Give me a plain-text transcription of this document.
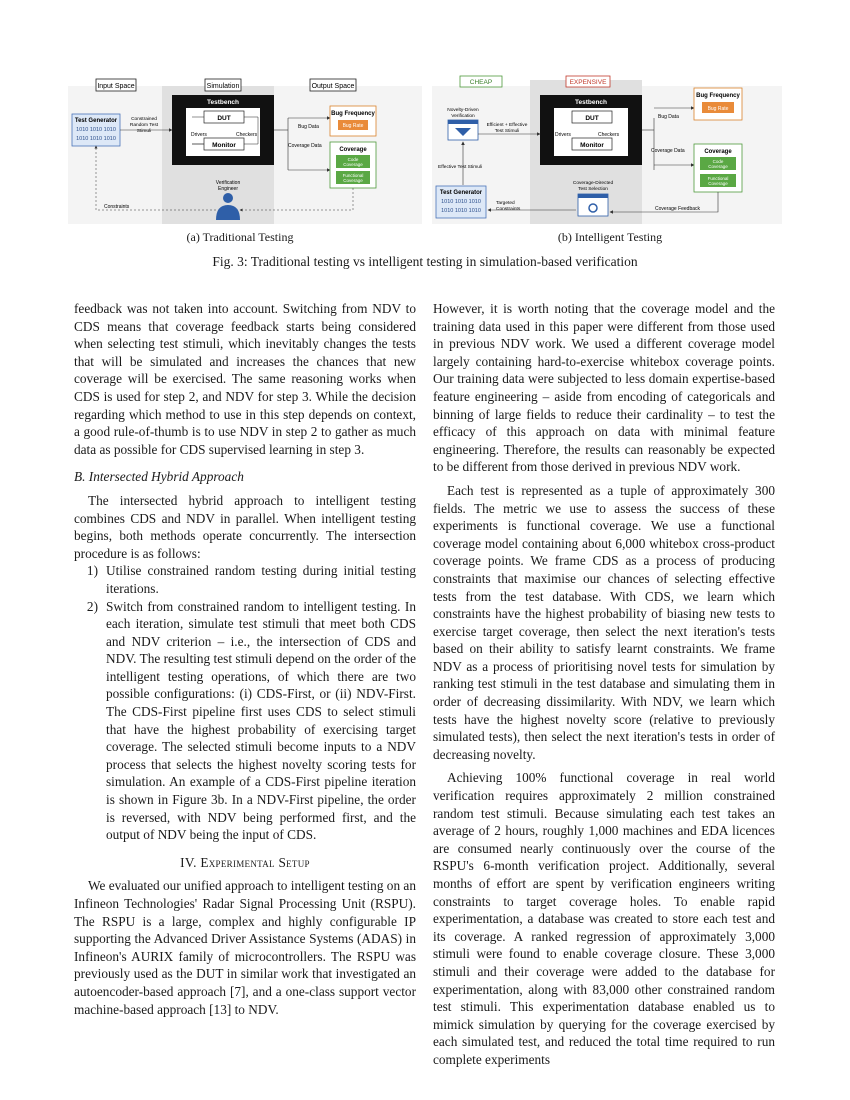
Input Space	Simulation	Output Space
Testbench
DUT
Drivers	Checkers
Monitor
Test Generator
1010 1010 1010
1010 1010 1010
Constrained
Random Test
Stimuli
Bug Data
Coverage Data
Bug Frequency
Bug Rate
Coverage
Code
Coverage
Functional
Coverage
Verification
Engineer
Constraints
CHEAP	EXPENSIVE
Testbench
DUT
Drivers	Checkers
Monitor
Novelty-Driven
Verification
Efficient + Effective
Test Stimuli
Effective Test Stimuli
Test Generator
1010 1010 1010
1010 1010 1010
Targeted
Constraints
Coverage-Directed
Test Selection
Bug Data
Coverage Data
Bug Frequency
Bug Rate
Coverage
Code
Coverage
Functional
Coverage
Coverage Feedback
(a) Traditional Testing	(b) Intelligent Testing
Fig. 3: Traditional testing vs intelligent testing in simulation-based verification

feedback was not taken into account. Switching from NDV to CDS means that coverage feedback starts being considered when selecting test stimuli, which inevitably changes the tests that will be simulated and increases the chances that new coverage will be exercised. The same reasoning works when CDS is used for step 2, and NDV for step 3. While the decision regarding which method to use in this step depends on context, a good rule-of-thumb is to use NDV in step 2 to gather as much data as possible for CDS supervised learning in step 3.

B. Intersected Hybrid Approach

The intersected hybrid approach to intelligent testing combines CDS and NDV in parallel. When intelligent testing begins, both methods operate concurrently. The intersection procedure is as follows:

1) Utilise constrained random testing during initial testing iterations.
2) Switch from constrained random to intelligent testing. In each iteration, simulate test stimuli that meet both CDS and NDV criterion – i.e., the intersection of CDS and NDV. The resulting test stimuli depend on the order of the intelligent testing operations, of which there are two possible configurations: (i) CDS-First, or (ii) NDV-First. The CDS-First pipeline first uses CDS to select stimuli that have the highest probability of exercising target coverage. The selected stimuli become inputs to a NDV process that selects the highest novelty scoring tests for simulation. An example of a CDS-First pipeline iteration is shown in Figure 3b. In a NDV-First pipeline, the order is reversed, with NDV being performed first, and the output of NDV being the input of CDS.

IV. Experimental Setup

We evaluated our unified approach to intelligent testing on an Infineon Technologies' Radar Signal Processing Unit (RSPU). The RSPU is a large, complex and highly configurable IP supporting the Advanced Driver Assistance Systems (ADAS) in Infineon's AURIX family of microcontrollers. The RSPU was previously used as the DUT in similar work that investigated an autoencoder-based approach [7], and a one-class support vector machine-based approach [13] to NDV.

However, it is worth noting that the coverage model and the training data used in this paper were different from those used in previous NDV work. We used a different coverage model largely containing hard-to-exercise whitebox coverage points. Our training data were subjected to less domain expertise-based feature engineering – aside from encoding of categoricals and binning of large fields to reduce their cardinality – to test the efficacy of this approach on data with minimal feature engineering. Therefore, the results can reasonably be expected to be different from those derived in previous NDV work.

Each test is represented as a tuple of approximately 300 fields. The metric we use to assess the success of these experiments is functional coverage. We use a functional coverage model containing about 6,000 whitebox cross-product coverage points. We frame CDS as a process of producing constraints that maximise our chances of selecting effective tests from the test database. With CDS, we learn which constraints have the highest probability of biasing new tests to exercise target coverage, then select the next iteration's tests based on their ability to satisfy learnt constraints. We frame NDV as a process of prioritising novel tests for simulation by ranking test stimuli in the test database and simulating them in order of decreasing dissimilarity. With NDV, we learn which tests have the highest novelty score (relative to previously simulated tests), then select the next iteration's tests in order of decreasing novelty.

Achieving 100% functional coverage in real world verification requires approximately 2 million constrained random test stimuli. Because simulating each test takes an average of 2 hours, roughly 1,000 machines and EDA licences are consumed nearly continuously over the course of the RSPU's 6-month verification project. Additionally, several months of effort are spent by verification engineers writing constraints to target coverage holes. To enable rapid experimentation, a database was created to store each test and its coverage. A ranked regression of approximately 3,000 stimuli were found to enable coverage closure. These 3,000 stimuli and their coverage were added to the database for experimentation, along with 83,000 other constrained random test stimuli. This experimentation database enabled us to mimick simulation by querying for the coverage exercised by each simulated test, and reduced the total time required to run complete experiments
